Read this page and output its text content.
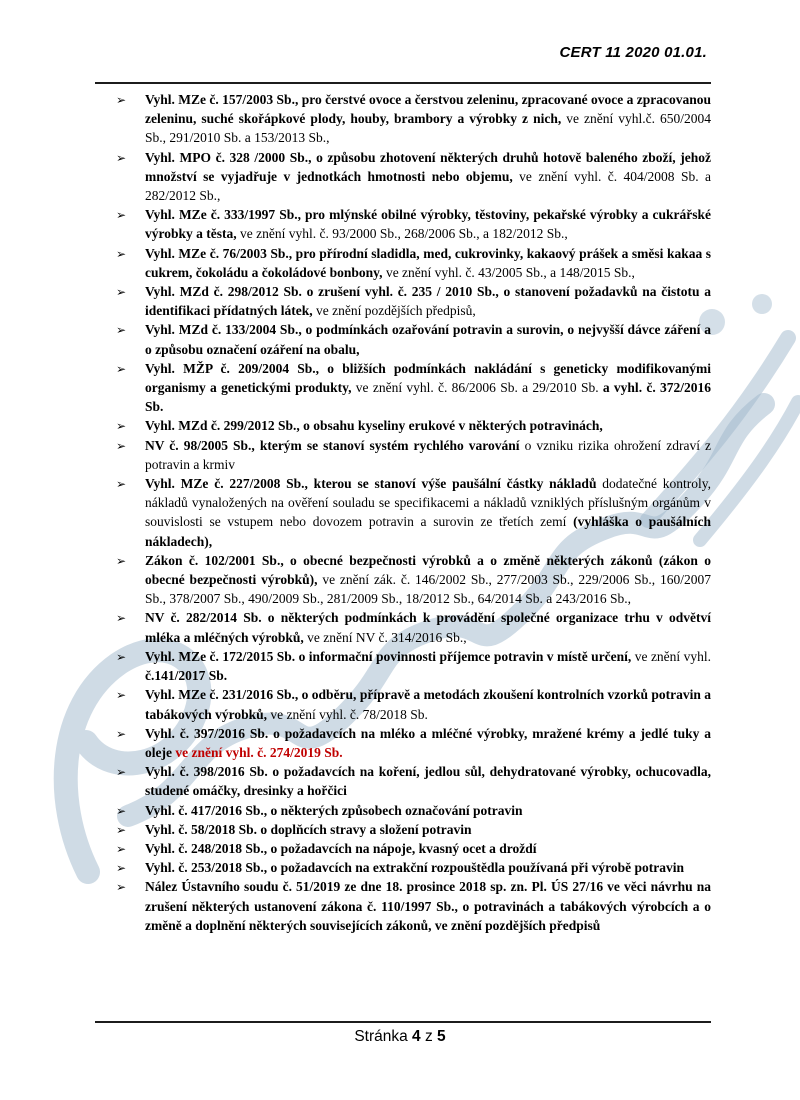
CERT 11 2020 01.01.
➢ Vyhl. MZe č. 157/2003 Sb., pro čerstvé ovoce a čerstvou zeleninu, zpracované ovoce a zpracovanou zeleninu, suché skořápkové plody, houby, brambory a výrobky z nich, ve znění vyhl.č. 650/2004 Sb., 291/2010 Sb. a 153/2013 Sb.,
➢ Vyhl. MPO č. 328 /2000 Sb., o způsobu zhotovení některých druhů hotově baleného zboží, jehož množství se vyjadřuje v jednotkách hmotnosti nebo objemu, ve znění vyhl. č. 404/2008 Sb. a 282/2012 Sb.,
➢ Vyhl. MZe č. 333/1997 Sb., pro mlýnské obilné výrobky, těstoviny, pekařské výrobky a cukrářské výrobky a těsta, ve znění vyhl. č. 93/2000 Sb., 268/2006 Sb., a 182/2012 Sb.,
➢ Vyhl. MZe č. 76/2003 Sb., pro přírodní sladidla, med, cukrovinky, kakaový prášek a směsi kakaa s cukrem, čokoládu a čokoládové bonbony, ve znění vyhl. č. 43/2005 Sb., a 148/2015 Sb.,
➢ Vyhl. MZd č. 298/2012 Sb. o zrušení vyhl. č. 235 / 2010 Sb., o stanovení požadavků na čistotu a identifikaci přídatných látek, ve znění pozdějších předpisů,
➢ Vyhl. MZd č. 133/2004 Sb., o podmínkách ozařování potravin a surovin, o nejvyšší dávce záření a o způsobu označení ozáření na obalu,
➢ Vyhl. MŽP č. 209/2004 Sb., o bližších podmínkách nakládání s geneticky modifikovanými organismy a genetickými produkty, ve znění vyhl. č. 86/2006 Sb. a 29/2010 Sb. a vyhl. č. 372/2016 Sb.
➢ Vyhl. MZd č. 299/2012 Sb., o obsahu kyseliny erukové v některých potravinách,
➢ NV č. 98/2005 Sb., kterým se stanoví systém rychlého varování o vzniku rizika ohrožení zdraví z potravin a krmiv
➢ Vyhl. MZe č. 227/2008 Sb., kterou se stanoví výše paušální částky nákladů dodatečné kontroly, nákladů vynaložených na ověření souladu se specifikacemi a nákladů vzniklých příslušným orgánům v souvislosti se vstupem nebo dovozem potravin a surovin ze třetích zemí (vyhláška o paušálních nákladech),
➢ Zákon č. 102/2001 Sb., o obecné bezpečnosti výrobků a o změně některých zákonů (zákon o obecné bezpečnosti výrobků), ve znění zák. č. 146/2002 Sb., 277/2003 Sb., 229/2006 Sb., 160/2007 Sb., 378/2007 Sb., 490/2009 Sb., 281/2009 Sb., 18/2012 Sb., 64/2014 Sb. a 243/2016 Sb.,
➢ NV č. 282/2014 Sb. o některých podmínkách k provádění společné organizace trhu v odvětví mléka a mléčných výrobků, ve znění NV č. 314/2016 Sb.,
➢ Vyhl. MZe č. 172/2015 Sb. o informační povinnosti příjemce potravin v místě určení, ve znění vyhl. č.141/2017 Sb.
➢ Vyhl. MZe č. 231/2016 Sb., o odběru, přípravě a metodách zkoušení kontrolních vzorků potravin a tabákových výrobků, ve znění vyhl. č. 78/2018 Sb.
➢ Vyhl. č. 397/2016 Sb. o požadavcích na mléko a mléčné výrobky, mražené krémy a jedlé tuky a oleje ve znění vyhl. č. 274/2019 Sb.
➢ Vyhl. č. 398/2016 Sb. o požadavcích na koření, jedlou sůl, dehydratované výrobky, ochucovadla, studené omáčky, dresinky a hořčici
➢ Vyhl. č. 417/2016 Sb., o některých způsobech označování potravin
➢ Vyhl. č. 58/2018 Sb. o doplňcích stravy a složení potravin
➢ Vyhl. č. 248/2018 Sb., o požadavcích na nápoje, kvasný ocet a droždí
➢ Vyhl. č. 253/2018 Sb., o požadavcích na extrakční rozpouštědla používaná při výrobě potravin
➢ Nález Ústavního soudu č. 51/2019 ze dne 18. prosince 2018 sp. zn. Pl. ÚS 27/16 ve věci návrhu na zrušení některých ustanovení zákona č. 110/1997 Sb., o potravinách a tabákových výrobcích a o změně a doplnění některých souvisejících zákonů, ve znění pozdějších předpisů
Stránka 4 z 5
